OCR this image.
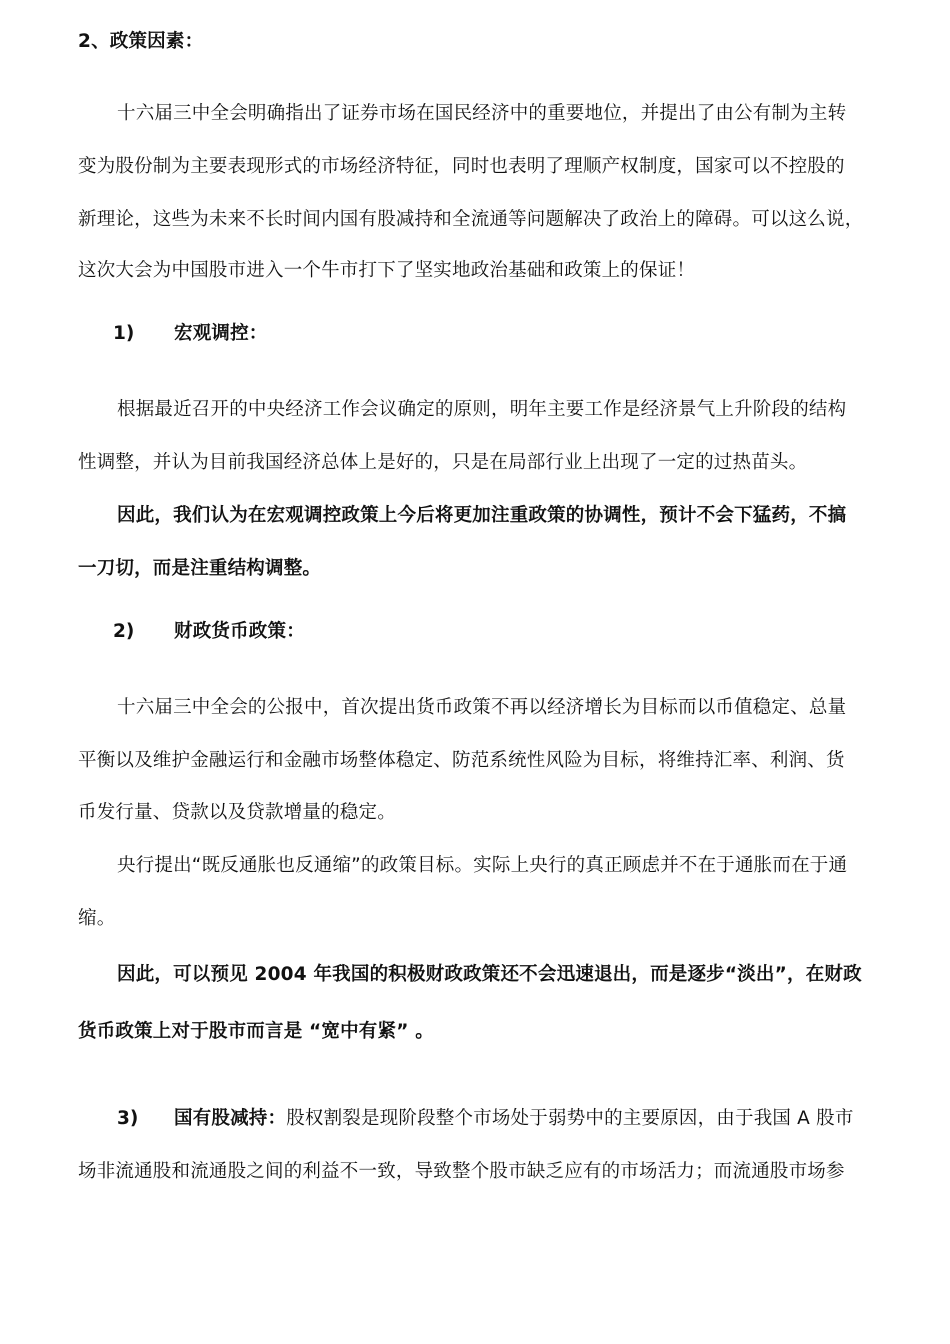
2、政策因素：
十六届三中全会明确指出了证券市场在国民经济中的重要地位，并提出了由公有制为主转
变为股份制为主要表现形式的市场经济特征，同时也表明了理顺产权制度，国家可以不控股的
新理论，这些为未来不长时间内国有股减持和全流通等问题解决了政治上的障碍。可以这么说，
这次大会为中国股市进入一个牛市打下了坚实地政治基础和政策上的保证！
1) 宏观调控：
根据最近召开的中央经济工作会议确定的原则，明年主要工作是经济景气上升阶段的结构
性调整，并认为目前我国经济总体上是好的，只是在局部行业上出现了一定的过热苗头。
因此，我们认为在宏观调控政策上今后将更加注重政策的协调性，预计不会下猛药，不搞
一刀切，而是注重结构调整。
2) 财政货币政策：
十六届三中全会的公报中，首次提出货币政策不再以经济增长为目标而以币值稳定、总量
平衡以及维护金融运行和金融市场整体稳定、防范系统性风险为目标，将维持汇率、利润、货
币发行量、贷款以及贷款增量的稳定。
央行提出“既反通胀也反通缩”的政策目标。实际上央行的真正顾虑并不在于通胀而在于通
缩。
因此，可以预见 2004 年我国的积极财政政策还不会迅速退出，而是逐步“淡出”，在财政
货币政策上对于股市而言是 “宽中有紧” 。
3) 国有股减持：股权割裂是现阶段整个市场处于弱势中的主要原因，由于我国 A 股市
场非流通股和流通股之间的利益不一致，导致整个股市缺乏应有的市场活力；而流通股市场参
